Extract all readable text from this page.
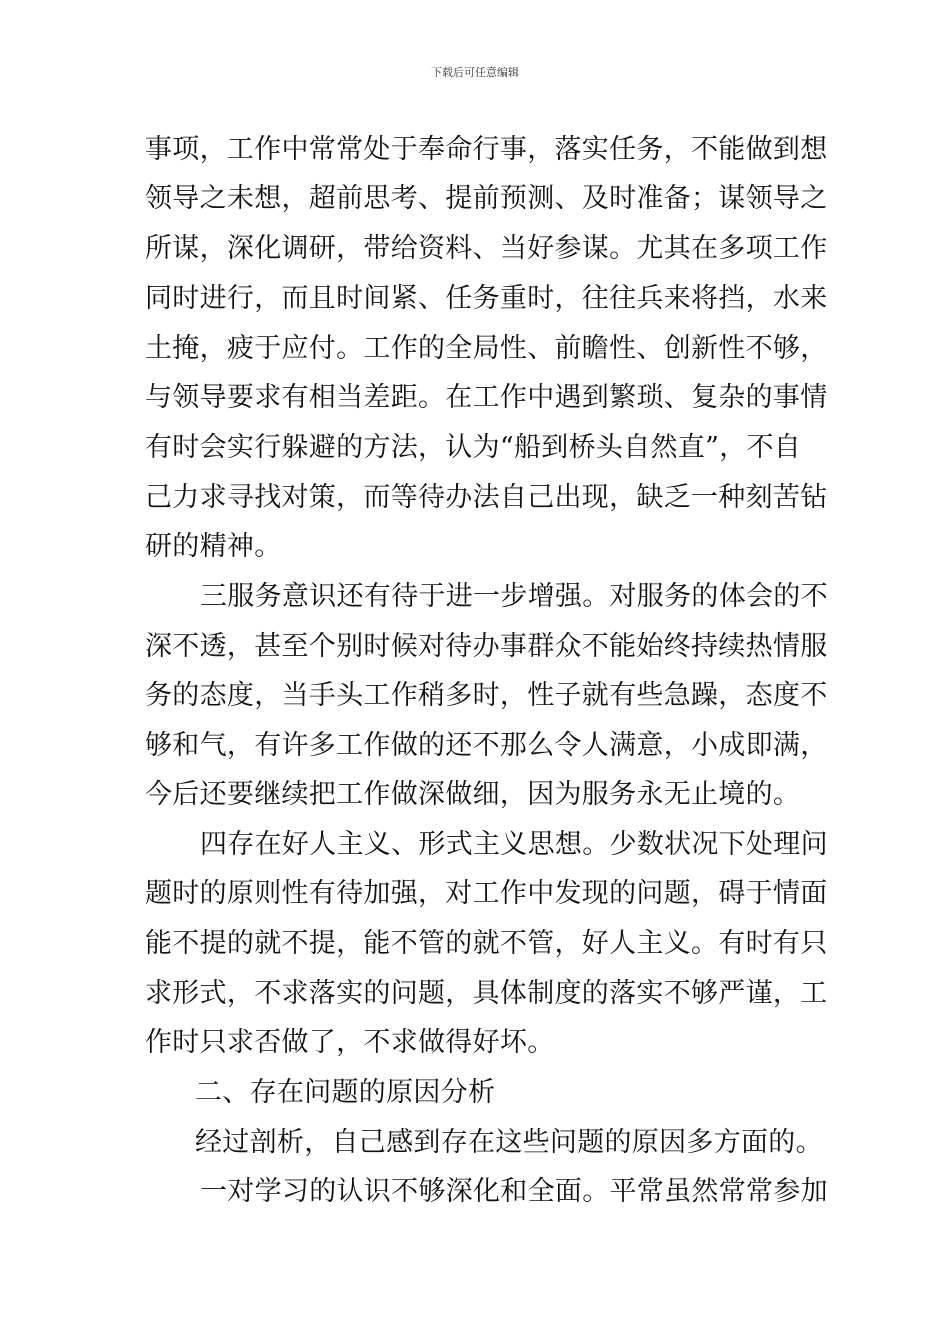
下载后可任意编辑
事项，工作中常常处于奉命行事，落实任务，不能做到想
领导之未想，超前思考、提前预测、及时准备；谋领导之
所谋，深化调研，带给资料、当好参谋。尤其在多项工作
同时进行，而且时间紧、任务重时，往往兵来将挡，水来
土掩，疲于应付。工作的全局性、前瞻性、创新性不够，
与领导要求有相当差距。在工作中遇到繁琐、复杂的事情
有时会实行躲避的方法，认为“船到桥头自然直”，不自
己力求寻找对策，而等待办法自己出现，缺乏一种刻苦钻
研的精神。
三服务意识还有待于进一步增强。对服务的体会的不
深不透，甚至个别时候对待办事群众不能始终持续热情服
务的态度，当手头工作稍多时，性子就有些急躁，态度不
够和气，有许多工作做的还不那么令人满意，小成即满，
今后还要继续把工作做深做细，因为服务永无止境的。
四存在好人主义、形式主义思想。少数状况下处理问
题时的原则性有待加强，对工作中发现的问题，碍于情面
能不提的就不提，能不管的就不管，好人主义。有时有只
求形式，不求落实的问题，具体制度的落实不够严谨，工
作时只求否做了，不求做得好坏。
二、存在问题的原因分析
经过剖析，自己感到存在这些问题的原因多方面的。
一对学习的认识不够深化和全面。平常虽然常常参加
